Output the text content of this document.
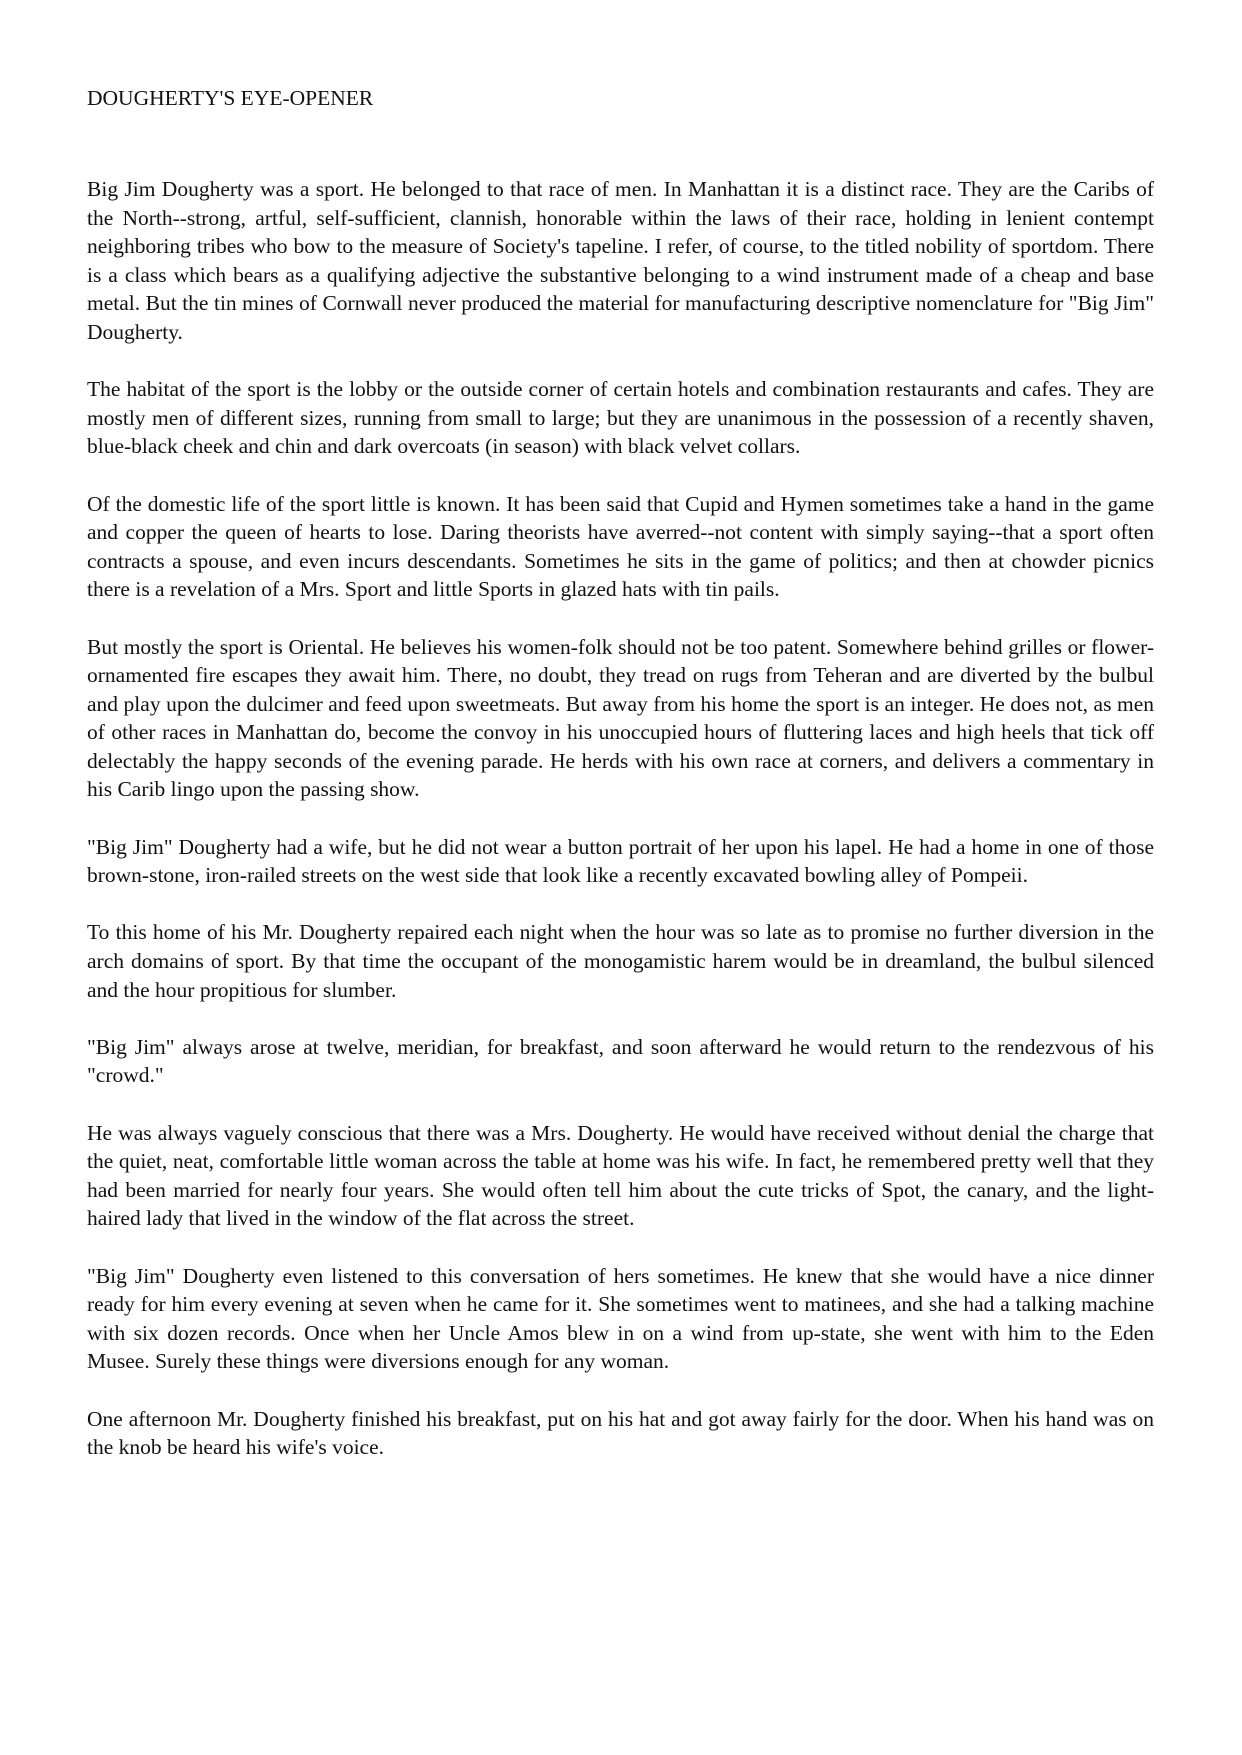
DOUGHERTY'S EYE-OPENER

Big Jim Dougherty was a sport. He belonged to that race of men. In Manhattan it is a distinct race. They are the Caribs of the North--strong, artful, self-sufficient, clannish, honorable within the laws of their race, holding in lenient contempt neighboring tribes who bow to the measure of Society's tapeline. I refer, of course, to the titled nobility of sportdom. There is a class which bears as a qualifying adjective the substantive belonging to a wind instrument made of a cheap and base metal. But the tin mines of Cornwall never produced the material for manufacturing descriptive nomenclature for "Big Jim" Dougherty.

The habitat of the sport is the lobby or the outside corner of certain hotels and combination restaurants and cafes. They are mostly men of different sizes, running from small to large; but they are unanimous in the possession of a recently shaven, blue-black cheek and chin and dark overcoats (in season) with black velvet collars.

Of the domestic life of the sport little is known. It has been said that Cupid and Hymen sometimes take a hand in the game and copper the queen of hearts to lose. Daring theorists have averred--not content with simply saying--that a sport often contracts a spouse, and even incurs descendants. Sometimes he sits in the game of politics; and then at chowder picnics there is a revelation of a Mrs. Sport and little Sports in glazed hats with tin pails.

But mostly the sport is Oriental. He believes his women-folk should not be too patent. Somewhere behind grilles or flower-ornamented fire escapes they await him. There, no doubt, they tread on rugs from Teheran and are diverted by the bulbul and play upon the dulcimer and feed upon sweetmeats. But away from his home the sport is an integer. He does not, as men of other races in Manhattan do, become the convoy in his unoccupied hours of fluttering laces and high heels that tick off delectably the happy seconds of the evening parade. He herds with his own race at corners, and delivers a commentary in his Carib lingo upon the passing show.

"Big Jim" Dougherty had a wife, but he did not wear a button portrait of her upon his lapel. He had a home in one of those brown-stone, iron-railed streets on the west side that look like a recently excavated bowling alley of Pompeii.

To this home of his Mr. Dougherty repaired each night when the hour was so late as to promise no further diversion in the arch domains of sport. By that time the occupant of the monogamistic harem would be in dreamland, the bulbul silenced and the hour propitious for slumber.

"Big Jim" always arose at twelve, meridian, for breakfast, and soon afterward he would return to the rendezvous of his "crowd."

He was always vaguely conscious that there was a Mrs. Dougherty. He would have received without denial the charge that the quiet, neat, comfortable little woman across the table at home was his wife. In fact, he remembered pretty well that they had been married for nearly four years. She would often tell him about the cute tricks of Spot, the canary, and the light-haired lady that lived in the window of the flat across the street.

"Big Jim" Dougherty even listened to this conversation of hers sometimes. He knew that she would have a nice dinner ready for him every evening at seven when he came for it. She sometimes went to matinees, and she had a talking machine with six dozen records. Once when her Uncle Amos blew in on a wind from up-state, she went with him to the Eden Musee. Surely these things were diversions enough for any woman.

One afternoon Mr. Dougherty finished his breakfast, put on his hat and got away fairly for the door. When his hand was on the knob be heard his wife's voice.
